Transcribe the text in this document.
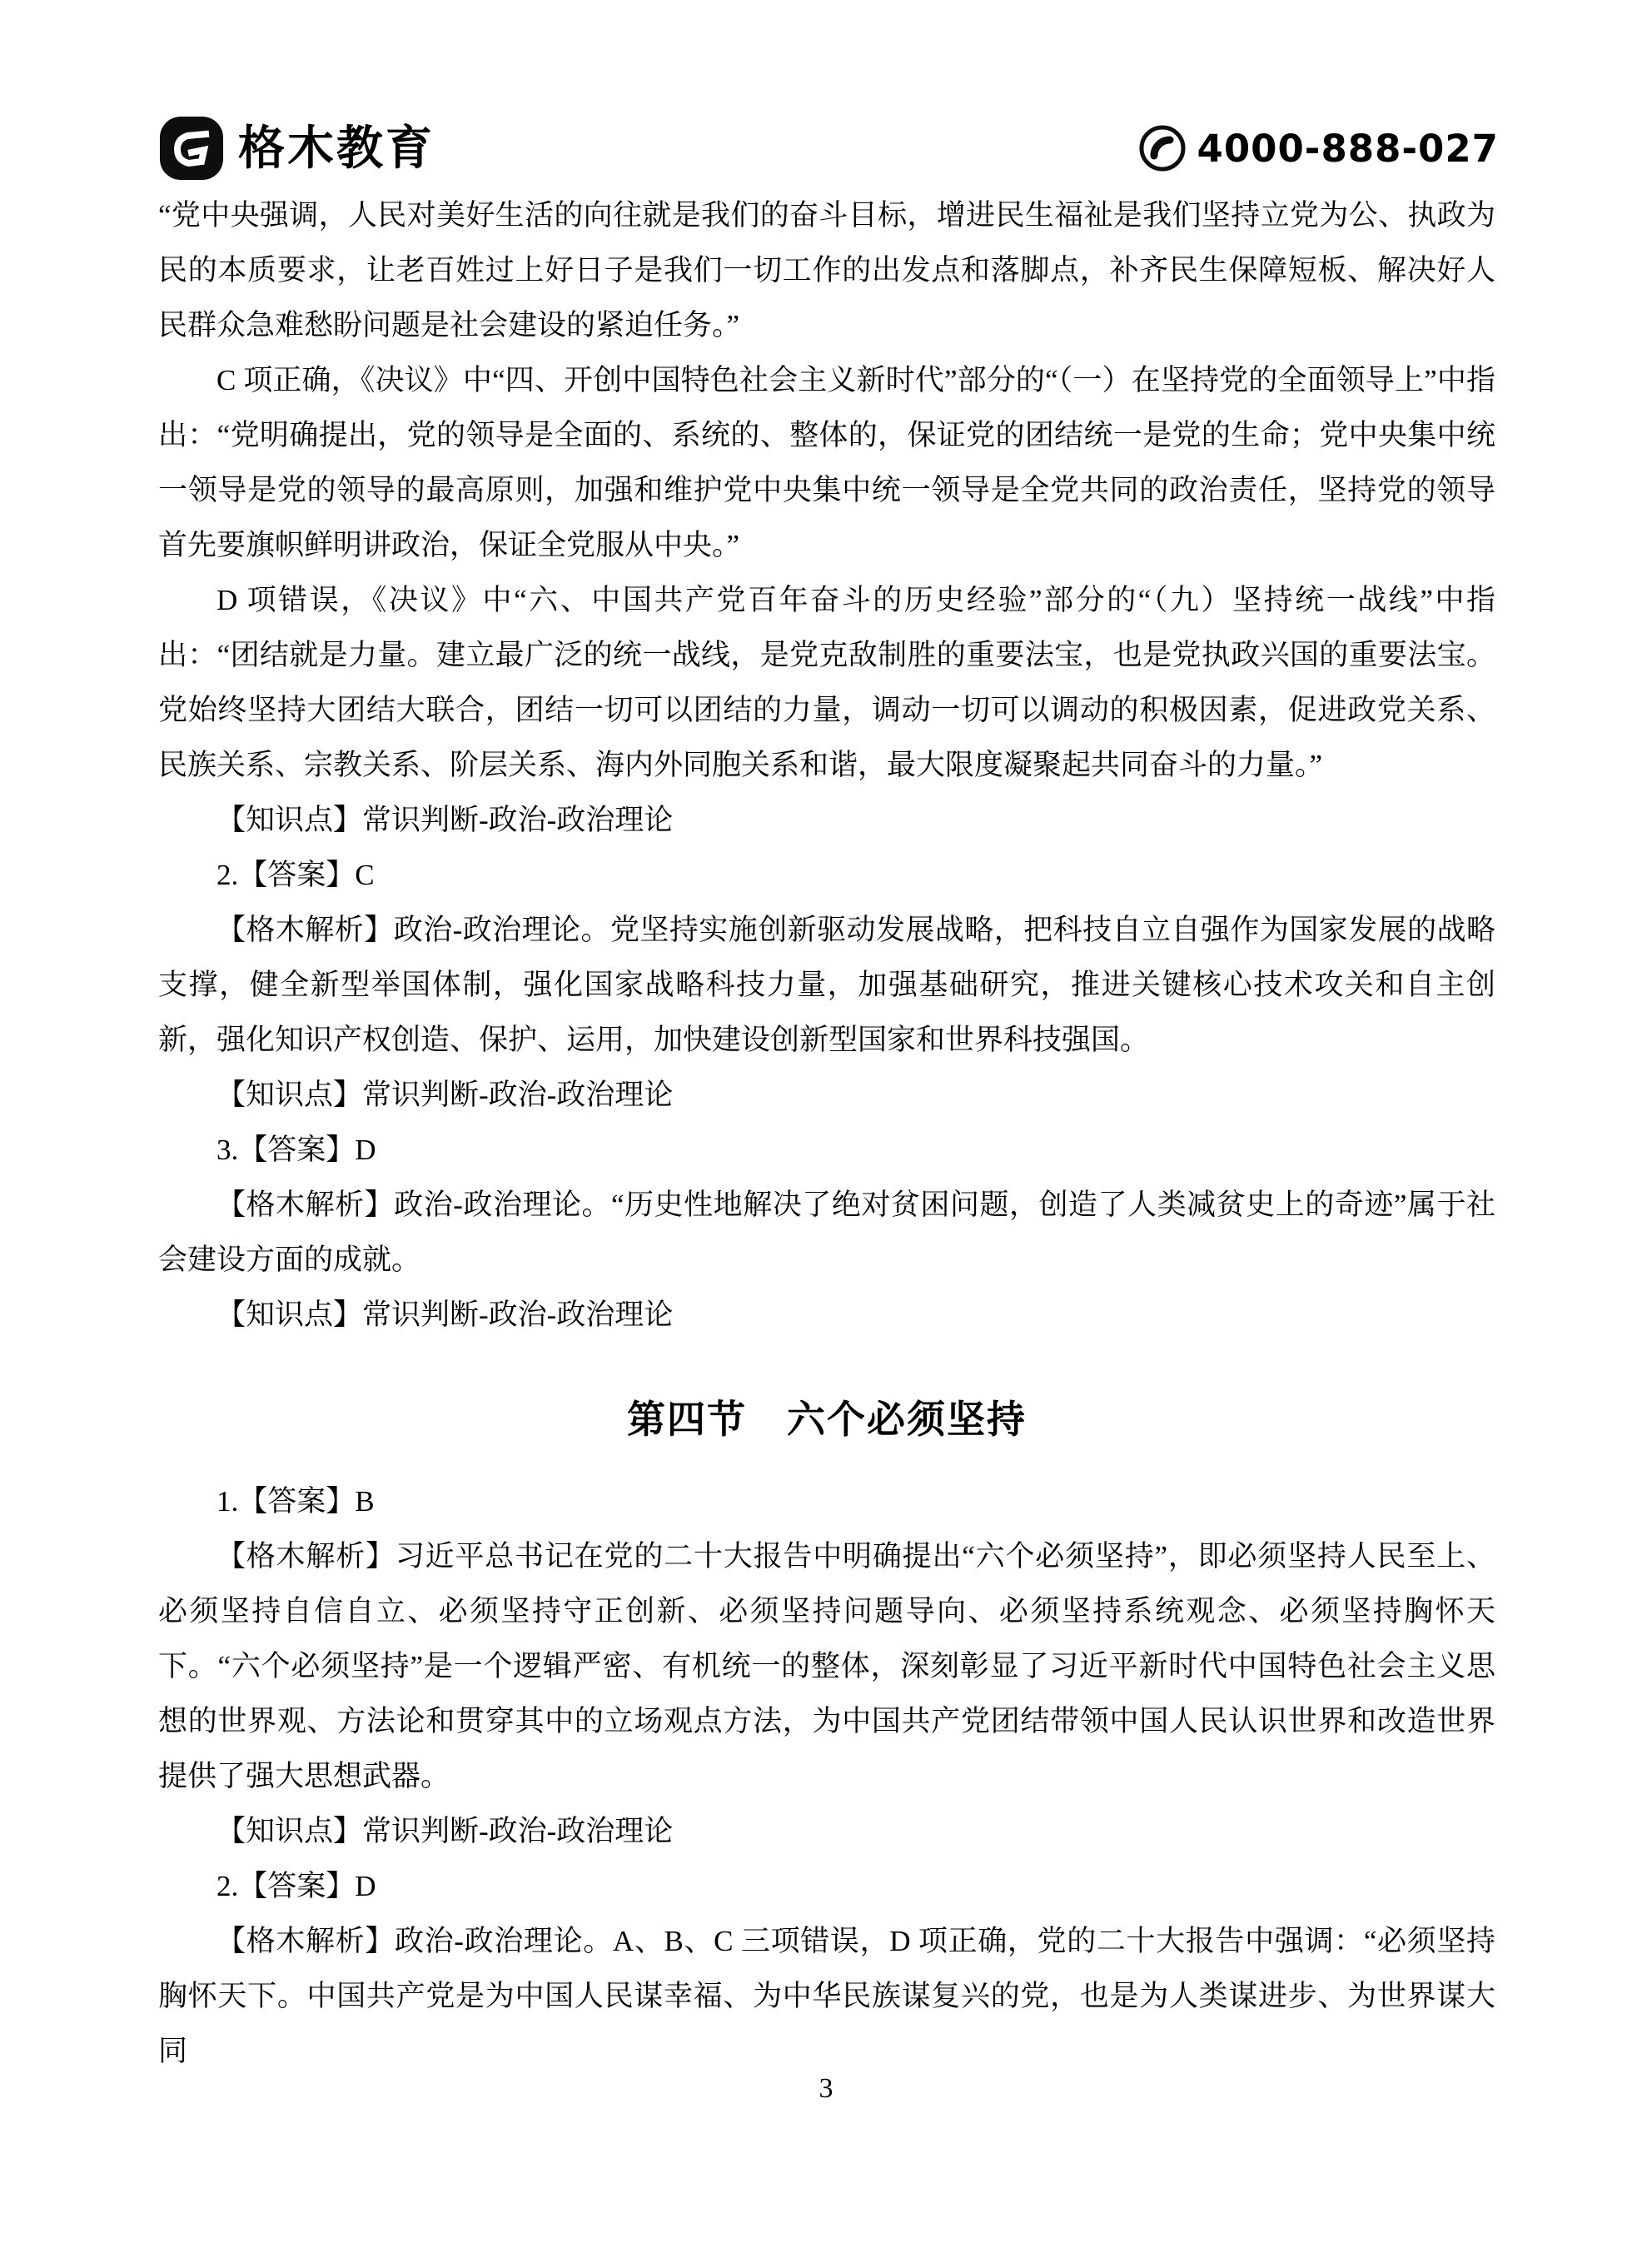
格木教育	4000-888-027

“党中央强调，人民对美好生活的向往就是我们的奋斗目标，增进民生福祉是我们坚持立党为公、执政为民的本质要求，让老百姓过上好日子是我们一切工作的出发点和落脚点，补齐民生保障短板、解决好人民群众急难愁盼问题是社会建设的紧迫任务。”

C 项正确，《决议》中“四、开创中国特色社会主义新时代”部分的“（一）在坚持党的全面领导上”中指出：“党明确提出，党的领导是全面的、系统的、整体的，保证党的团结统一是党的生命；党中央集中统一领导是党的领导的最高原则，加强和维护党中央集中统一领导是全党共同的政治责任，坚持党的领导首先要旗帜鲜明讲政治，保证全党服从中央。”

D 项错误，《决议》中“六、中国共产党百年奋斗的历史经验”部分的“（九）坚持统一战线”中指出：“团结就是力量。建立最广泛的统一战线，是党克敌制胜的重要法宝，也是党执政兴国的重要法宝。党始终坚持大团结大联合，团结一切可以团结的力量，调动一切可以调动的积极因素，促进政党关系、民族关系、宗教关系、阶层关系、海内外同胞关系和谐，最大限度凝聚起共同奋斗的力量。”

【知识点】常识判断-政治-政治理论

2.【答案】C

【格木解析】政治-政治理论。党坚持实施创新驱动发展战略，把科技自立自强作为国家发展的战略支撑，健全新型举国体制，强化国家战略科技力量，加强基础研究，推进关键核心技术攻关和自主创新，强化知识产权创造、保护、运用，加快建设创新型国家和世界科技强国。

【知识点】常识判断-政治-政治理论

3.【答案】D

【格木解析】政治-政治理论。“历史性地解决了绝对贫困问题，创造了人类减贫史上的奇迹”属于社会建设方面的成就。

【知识点】常识判断-政治-政治理论

第四节　六个必须坚持

1.【答案】B

【格木解析】习近平总书记在党的二十大报告中明确提出“六个必须坚持”，即必须坚持人民至上、必须坚持自信自立、必须坚持守正创新、必须坚持问题导向、必须坚持系统观念、必须坚持胸怀天下。“六个必须坚持”是一个逻辑严密、有机统一的整体，深刻彰显了习近平新时代中国特色社会主义思想的世界观、方法论和贯穿其中的立场观点方法，为中国共产党团结带领中国人民认识世界和改造世界提供了强大思想武器。

【知识点】常识判断-政治-政治理论

2.【答案】D

【格木解析】政治-政治理论。A、B、C 三项错误，D 项正确，党的二十大报告中强调：“必须坚持胸怀天下。中国共产党是为中国人民谋幸福、为中华民族谋复兴的党，也是为人类谋进步、为世界谋大同

3
